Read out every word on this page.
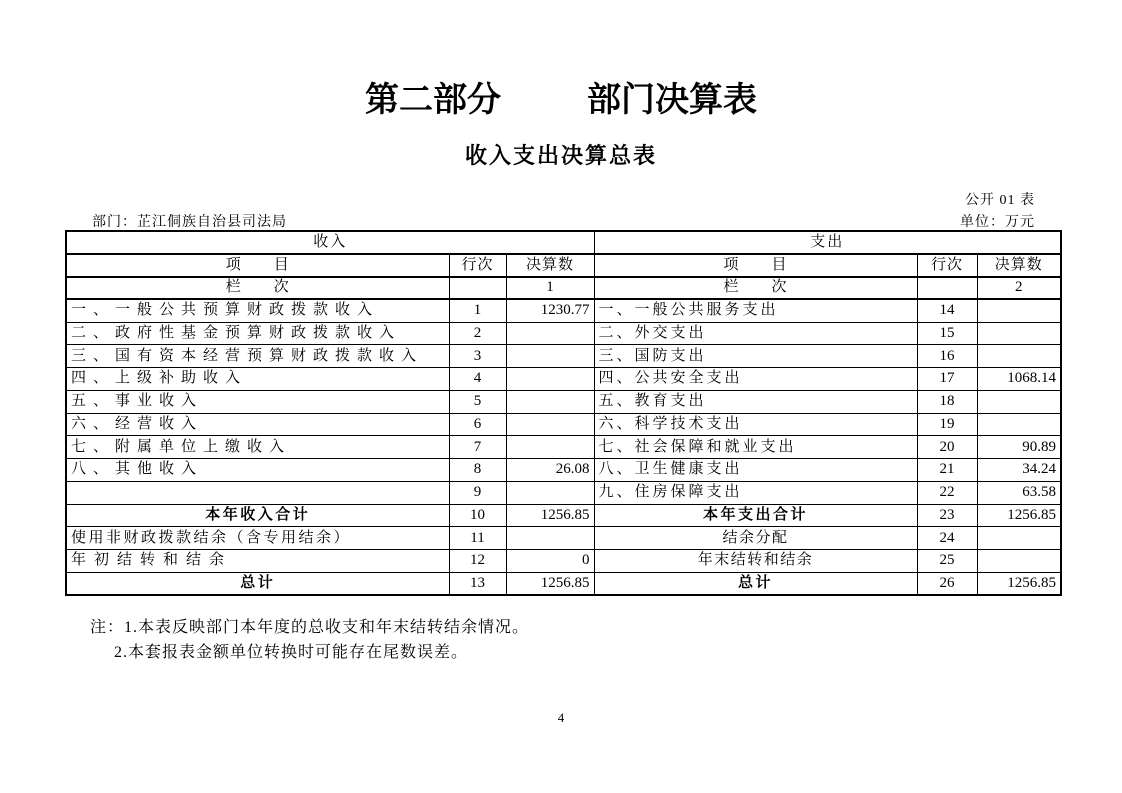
第二部分	部门决算表
收入支出决算总表
公开 01 表
部门：芷江侗族自治县司法局	单位：万元
收入			支出		
项　　目	行次	决算数	项　　目	行次	决算数
栏　　次		1	栏　　次		2
一、一般公共预算财政拨款收入	1	1230.77	一、一般公共服务支出	14	
二、政府性基金预算财政拨款收入	2		二、外交支出	15	
三、国有资本经营预算财政拨款收入	3		三、国防支出	16	
四、上级补助收入	4		四、公共安全支出	17	1068.14
五、事业收入	5		五、教育支出	18	
六、经营收入	6		六、科学技术支出	19	
七、附属单位上缴收入	7		七、社会保障和就业支出	20	90.89
八、其他收入	8	26.08	八、卫生健康支出	21	34.24
	9		九、住房保障支出	22	63.58
本年收入合计	10	1256.85	本年支出合计	23	1256.85
使用非财政拨款结余（含专用结余）	11		结余分配	24	
年初结转和结余	12	0	年末结转和结余	25	
总计	13	1256.85	总计	26	1256.85
注：1.本表反映部门本年度的总收支和年末结转结余情况。
2.本套报表金额单位转换时可能存在尾数误差。
4
